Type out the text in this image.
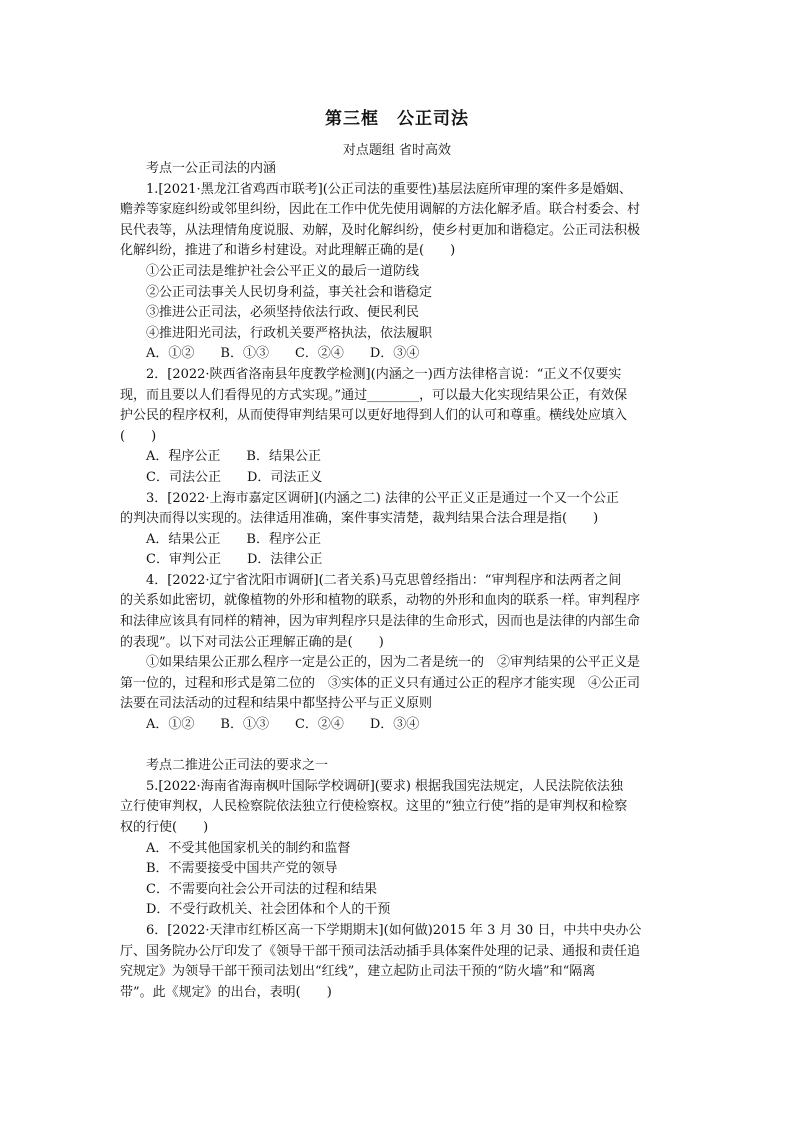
第三框　公正司法
对点题组 省时高效
考点一公正司法的内涵
1.[2021·黑龙江省鸡西市联考](公正司法的重要性)基层法庭所审理的案件多是婚姻、
赡养等家庭纠纷或邻里纠纷，因此在工作中优先使用调解的方法化解矛盾。联合村委会、村
民代表等，从法理情角度说服、劝解，及时化解纠纷，使乡村更加和谐稳定。公正司法积极
化解纠纷，推进了和谐乡村建设。对此理解正确的是(　　)
①公正司法是维护社会公平正义的最后一道防线
②公正司法事关人民切身利益，事关社会和谐稳定
③推进公正司法，必须坚持依法行政、便民利民
④推进阳光司法，行政机关要严格执法，依法履职
A．①②　　B．①③　　C．②④　　D．③④
2．[2022·陕西省洛南县年度教学检测](内涵之一)西方法律格言说：“正义不仅要实
现，而且要以人们看得见的方式实现。”通过________，可以最大化实现结果公正，有效保
护公民的程序权利，从而使得审判结果可以更好地得到人们的认可和尊重。横线处应填入
(　　)
A．程序公正　　B．结果公正
C．司法公正　　D．司法正义
3．[2022·上海市嘉定区调研](内涵之二) 法律的公平正义正是通过一个又一个公正
的判决而得以实现的。法律适用准确，案件事实清楚，裁判结果合法合理是指(　　)
A．结果公正　　B．程序公正
C．审判公正　　D．法律公正
4．[2022·辽宁省沈阳市调研](二者关系)马克思曾经指出：“审判程序和法两者之间
的关系如此密切，就像植物的外形和植物的联系，动物的外形和血肉的联系一样。审判程序
和法律应该具有同样的精神，因为审判程序只是法律的生命形式，因而也是法律的内部生命
的表现”。以下对司法公正理解正确的是(　　)
①如果结果公正那么程序一定是公正的，因为二者是统一的　②审判结果的公平正义是
第一位的，过程和形式是第二位的　③实体的正义只有通过公正的程序才能实现　④公正司
法要在司法活动的过程和结果中都坚持公平与正义原则
A．①②　　B．①③　　C．②④　　D．③④
考点二推进公正司法的要求之一
5.[2022·海南省海南枫叶国际学校调研](要求) 根据我国宪法规定，人民法院依法独
立行使审判权，人民检察院依法独立行使检察权。这里的“独立行使”指的是审判权和检察
权的行使(　　)
A．不受其他国家机关的制约和监督
B．不需要接受中国共产党的领导
C．不需要向社会公开司法的过程和结果
D．不受行政机关、社会团体和个人的干预
6．[2022·天津市红桥区高一下学期期末](如何做)2015 年 3 月 30 日，中共中央办公
厅、国务院办公厅印发了《领导干部干预司法活动插手具体案件处理的记录、通报和责任追
究规定》为领导干部干预司法划出“红线”，建立起防止司法干预的“防火墙”和“隔离
带”。此《规定》的出台，表明(　　)
